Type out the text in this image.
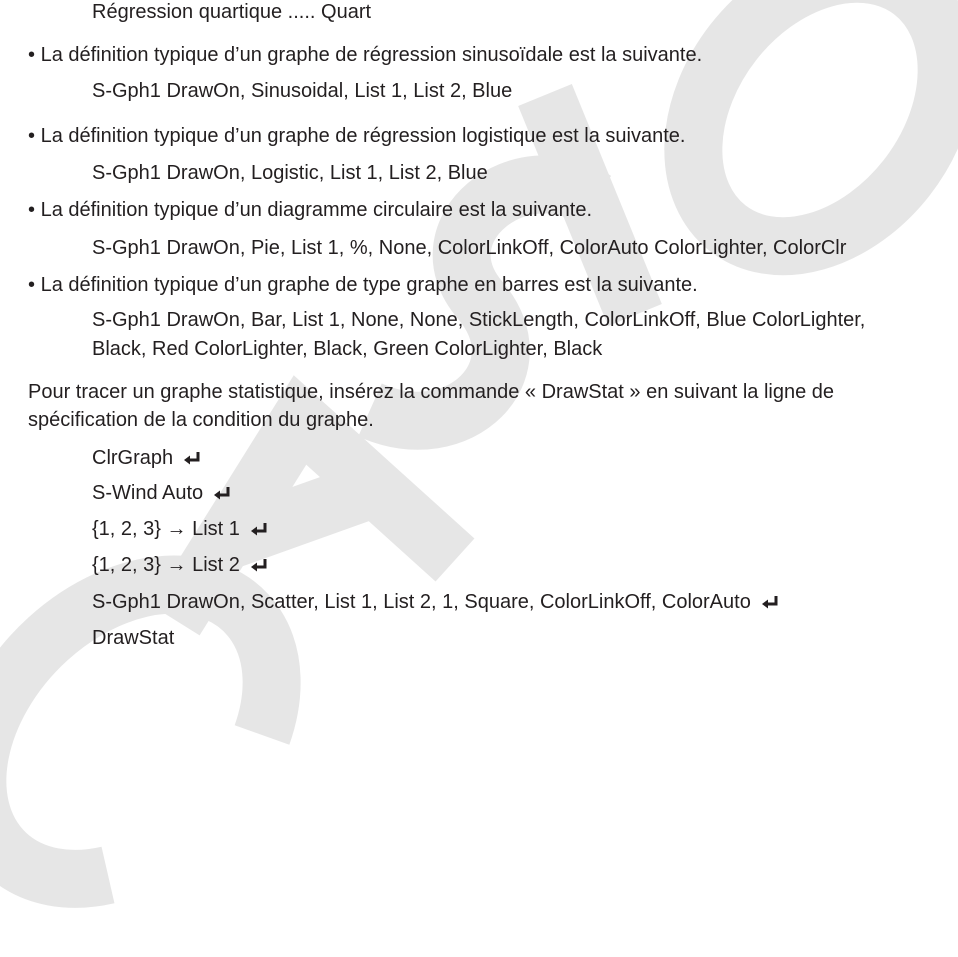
Régression quartique ..... Quart
• La définition typique d’un graphe de régression sinusoïdale est la suivante.
S-Gph1 DrawOn, Sinusoidal, List 1, List 2, Blue
• La définition typique d’un graphe de régression logistique est la suivante.
S-Gph1 DrawOn, Logistic, List 1, List 2, Blue
• La définition typique d’un diagramme circulaire est la suivante.
S-Gph1 DrawOn, Pie, List 1, %, None, ColorLinkOff, ColorAuto ColorLighter, ColorClr
• La définition typique d’un graphe de type graphe en barres est la suivante.
S-Gph1 DrawOn, Bar, List 1, None, None, StickLength, ColorLinkOff, Blue ColorLighter,
Black, Red ColorLighter, Black, Green ColorLighter, Black
Pour tracer un graphe statistique, insérez la commande « DrawStat » en suivant la ligne de
spécification de la condition du graphe.
ClrGraph
S-Wind Auto
{1, 2, 3} → List 1
{1, 2, 3} → List 2
S-Gph1 DrawOn, Scatter, List 1, List 2, 1, Square, ColorLinkOff, ColorAuto
DrawStat
